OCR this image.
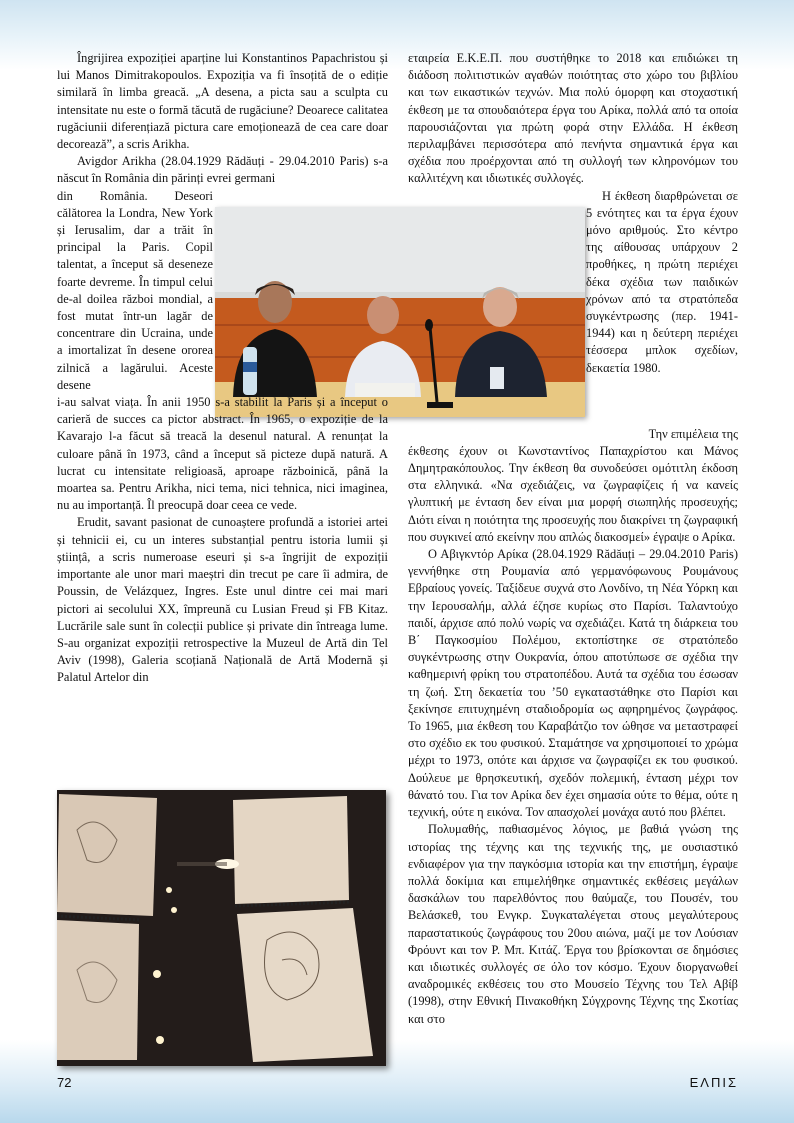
Îngrijirea expoziției aparține lui Konstantinos Papachristou și lui Manos Dimitrakopoulos. Expoziția va fi însoțită de o ediție similară în limba greacă. „A desena, a picta sau a sculpta cu intensitate nu este o formă tăcută de rugăciune? Deoarece calitatea rugăciunii diferențiază pictura care emoționează de cea care doar decorează”, a scris Arikha.

Avigdor Arikha (28.04.1929 Rădăuți - 29.04.2010 Paris) s-a născut în România din părinți evrei germani

din România. Deseori călătorea la Londra, New York și Ierusalim, dar a trăit în principal la Paris. Copil talentat, a început să deseneze foarte devreme. În timpul celui de-al doilea război mondial, a fost mutat într-un lagăr de concentrare din Ucraina, unde a imortalizat în desene ororea zilnică a lagărului. Aceste desene

i-au salvat viața. În anii 1950 s-a stabilit la Paris și a început o carieră de succes ca pictor abstract. În 1965, o expoziție de la Kavarajo l-a făcut să treacă la desenul natural. A renunțat la culoare până în 1973, când a început să picteze după natură. A lucrat cu intensitate religioasă, aproape războinică, până la moartea sa. Pentru Arikha, nici tema, nici tehnica, nici imaginea, nu au importanță. Îl preocupă doar ceea ce vede.

Erudit, savant pasionat de cunoaștere profundă a istoriei artei și tehnicii ei, cu un interes substanțial pentru istoria lumii și științâ, a scris numeroase eseuri și s-a îngrijit de expoziții importante ale unor mari maeștri din trecut pe care îi admira, de Poussin, de Velázquez, Ingres. Este unul dintre cei mai mari pictori ai secolului XX, împreună cu Lusian Freud și FB Kitaz. Lucrările sale sunt în colecții publice și private din întreaga lume. S-au organizat expoziții retrospective la Muzeul de Artă din Tel Aviv (1998), Galeria scoțiană Națională de Artă Modernă și Palatul Artelor din

εταιρεία Ε.Κ.Ε.Π. που συστήθηκε το 2018 και επιδιώκει τη διάδοση πολιτιστικών αγαθών ποιότητας στο χώρο του βιβλίου και των εικαστικών τεχνών. Μια πολύ όμορφη και στοχαστική έκθεση με τα σπουδαιότερα έργα του Αρίκα, πολλά από τα οποία παρουσιάζονται για πρώτη φορά στην Ελλάδα. Η έκθεση περιλαμβάνει περισσότερα από πενήντα σημαντικά έργα και σχέδια που προέρχονται από τη συλλογή των κληρονόμων του καλλιτέχνη και ιδιωτικές συλλογές.

Η έκθεση διαρθρώνεται σε 5 ενότητες και τα έργα έχουν μόνο αριθμούς. Στο κέντρο της αίθουσας υπάρχουν 2 προθήκες, η πρώτη περιέχει δέκα σχέδια των παιδικών χρόνων από τα στρατόπεδα συγκέντρωσης (περ. 1941-1944) και η δεύτερη περιέχει τέσσερα μπλοκ σχεδίων, δεκαετία 1980.

Την επιμέλεια της

έκθεσης έχουν οι Κωνσταντίνος Παπαχρίστου και Μάνος Δημητρακόπουλος. Την έκθεση θα συνοδεύσει ομότιτλη έκδοση στα ελληνικά. «Να σχεδιάζεις, να ζωγραφίζεις ή να κανείς γλυπτική με ένταση δεν είναι μια μορφή σιωπηλής προσευχής; Διότι είναι η ποιότητα της προσευχής που διακρίνει τη ζωγραφική που συγκινεί από εκείνην που απλώς διακοσμεί» έγραψε ο Αρίκα.

Ο Αβιγκντόρ Αρίκα (28.04.1929 Rădăuți – 29.04.2010 Paris) γεννήθηκε στη Ρουμανία από γερμανόφωνους Ρουμάνους Εβραίους γονείς. Ταξίδευε συχνά στο Λονδίνο, τη Νέα Υόρκη και την Ιερουσαλήμ, αλλά έζησε κυρίως στο Παρίσι. Ταλαντούχο παιδί, άρχισε από πολύ νωρίς να σχεδιάζει. Κατά τη διάρκεια του Β΄ Παγκοσμίου Πολέμου, εκτοπίστηκε σε στρατόπεδο συγκέντρωσης στην Ουκρανία, όπου αποτύπωσε σε σχέδια την καθημερινή φρίκη του στρατοπέδου. Αυτά τα σχέδια του έσωσαν τη ζωή. Στη δεκαετία του ’50 εγκαταστάθηκε στο Παρίσι και ξεκίνησε επιτυχημένη σταδιοδρομία ως αφηρημένος ζωγράφος. Το 1965, μια έκθεση του Καραβάτζιο τον ώθησε να μεταστραφεί στο σχέδιο εκ του φυσικού. Σταμάτησε να χρησιμοποιεί το χρώμα μέχρι το 1973, οπότε και άρχισε να ζωγραφίζει εκ του φυσικού. Δούλευε με θρησκευτική, σχεδόν πολεμική, ένταση μέχρι τον θάνατό του. Για τον Αρίκα δεν έχει σημασία ούτε το θέμα, ούτε η τεχνική, ούτε η εικόνα. Τον απασχολεί μονάχα αυτό που βλέπει.

Πολυμαθής, παθιασμένος λόγιος, με βαθιά γνώση της ιστορίας της τέχνης και της τεχνικής της, με ουσιαστικό ενδιαφέρον για την παγκόσμια ιστορία και την επιστήμη, έγραψε πολλά δοκίμια και επιμελήθηκε σημαντικές εκθέσεις μεγάλων δασκάλων του παρελθόντος που θαύμαζε, του Πουσέν, του Βελάσκεθ, του Ενγκρ. Συγκαταλέγεται στους μεγαλύτερους παραστατικούς ζωγράφους του 20ου αιώνα, μαζί με τον Λούσιαν Φρόυντ και τον Ρ. Μπ. Κιτάζ. Έργα του βρίσκονται σε δημόσιες και ιδιωτικές συλλογές σε όλο τον κόσμο. Έχουν διοργανωθεί αναδρομικές εκθέσεις του στο Μουσείο Τέχνης του Τελ Αβίβ (1998), στην Εθνική Πινακοθήκη Σύγχρονης Τέχνης της Σκοτίας και στο

72	ΕΛΠΙΣ
